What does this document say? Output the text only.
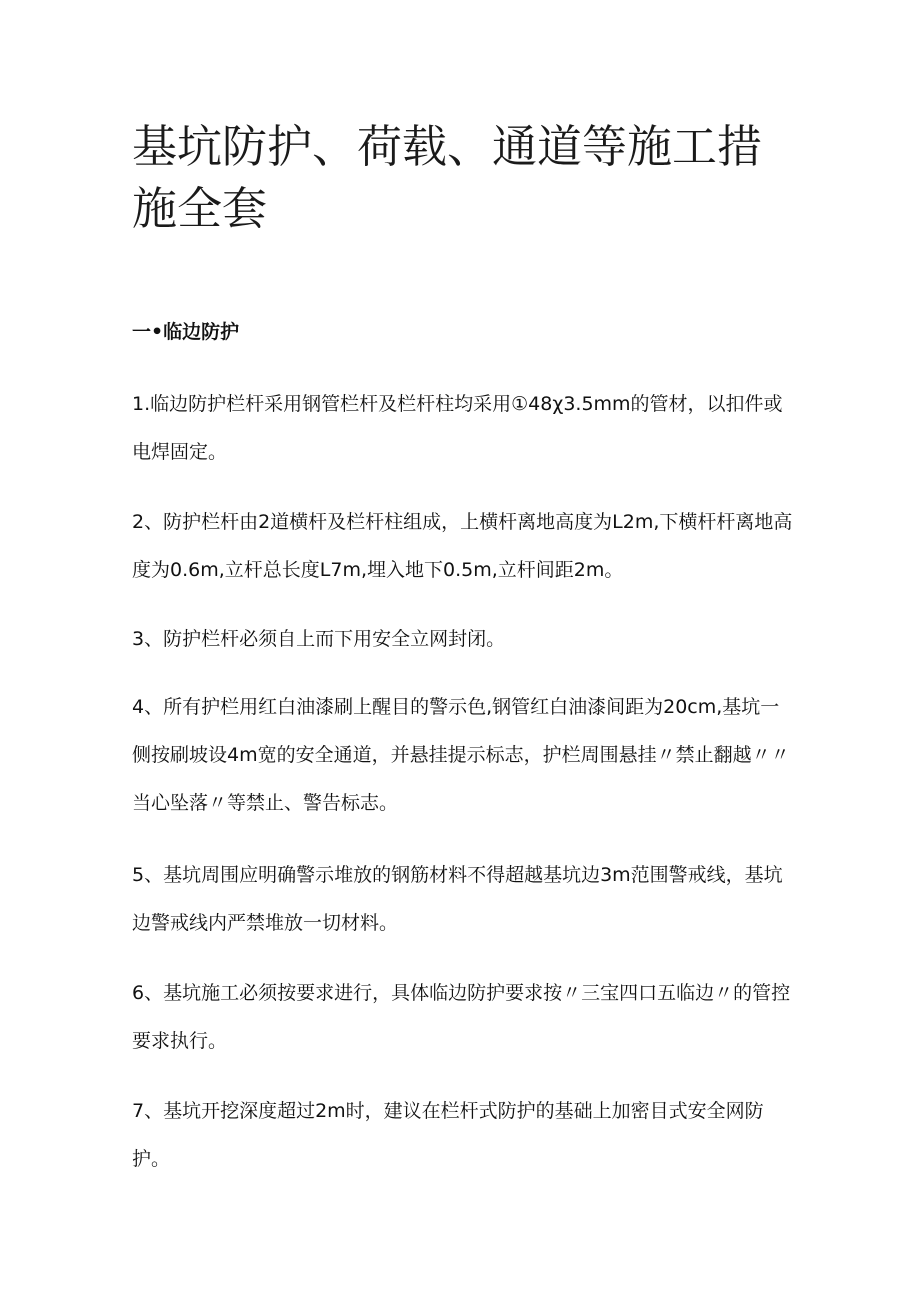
基坑防护、荷载、通道等施工措施全套
一•临边防护

1.临边防护栏杆采用钢管栏杆及栏杆柱均采用①48χ3.5mm的管材，以扣件或电焊固定。

2、防护栏杆由2道横杆及栏杆柱组成，上横杆离地高度为L2m,下横杆杆离地高度为0.6m,立杆总长度L7m,埋入地下0.5m,立杆间距2m。

3、防护栏杆必须自上而下用安全立网封闭。

4、所有护栏用红白油漆刷上醒目的警示色,钢管红白油漆间距为20cm,基坑一侧按刷坡设4m宽的安全通道，并悬挂提示标志，护栏周围悬挂〃禁止翻越〃〃当心坠落〃等禁止、警告标志。

5、基坑周围应明确警示堆放的钢筋材料不得超越基坑边3m范围警戒线，基坑边警戒线内严禁堆放一切材料。

6、基坑施工必须按要求进行，具体临边防护要求按〃三宝四口五临边〃的管控要求执行。

7、基坑开挖深度超过2m时，建议在栏杆式防护的基础上加密目式安全网防护。
